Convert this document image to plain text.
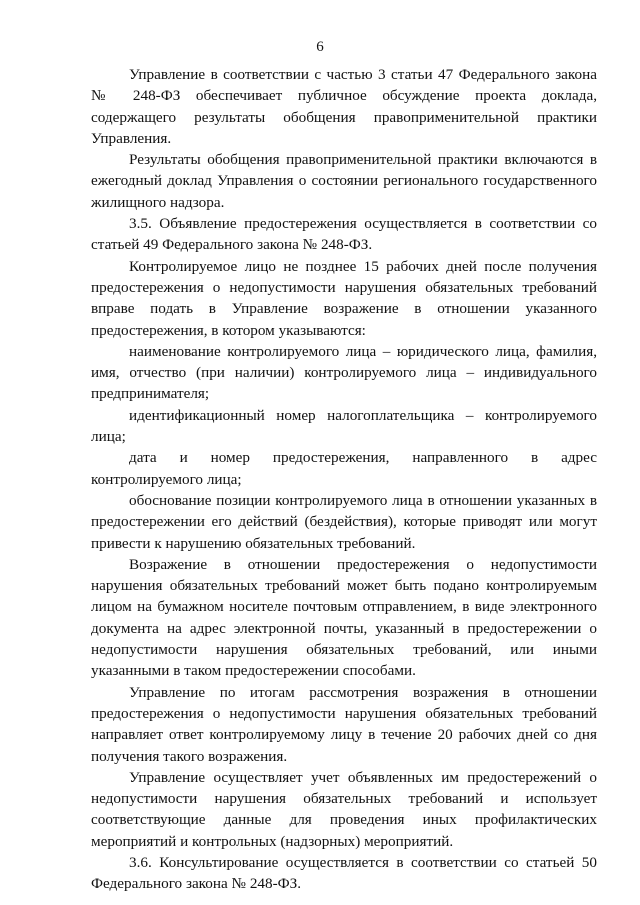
6

Управление в соответствии с частью 3 статьи 47 Федерального закона № 248-ФЗ обеспечивает публичное обсуждение проекта доклада, содержащего результаты обобщения правоприменительной практики Управления.

Результаты обобщения правоприменительной практики включаются в ежегодный доклад Управления о состоянии регионального государственного жилищного надзора.

3.5. Объявление предостережения осуществляется в соответствии со статьей 49 Федерального закона № 248-ФЗ.

Контролируемое лицо не позднее 15 рабочих дней после получения предостережения о недопустимости нарушения обязательных требований вправе подать в Управление возражение в отношении указанного предостережения, в котором указываются:

наименование контролируемого лица – юридического лица, фамилия, имя, отчество (при наличии) контролируемого лица – индивидуального предпринимателя;

идентификационный номер налогоплательщика – контролируемого лица;

дата и номер предостережения, направленного в адрес контролируемого лица;

обоснование позиции контролируемого лица в отношении указанных в предостережении его действий (бездействия), которые приводят или могут привести к нарушению обязательных требований.

Возражение в отношении предостережения о недопустимости нарушения обязательных требований может быть подано контролируемым лицом на бумажном носителе почтовым отправлением, в виде электронного документа на адрес электронной почты, указанный в предостережении о недопустимости нарушения обязательных требований, или иными указанными в таком предостережении способами.

Управление по итогам рассмотрения возражения в отношении предостережения о недопустимости нарушения обязательных требований направляет ответ контролируемому лицу в течение 20 рабочих дней со дня получения такого возражения.

Управление осуществляет учет объявленных им предостережений о недопустимости нарушения обязательных требований и использует соответствующие данные для проведения иных профилактических мероприятий и контрольных (надзорных) мероприятий.

3.6. Консультирование осуществляется в соответствии со статьей 50 Федерального закона № 248-ФЗ.
